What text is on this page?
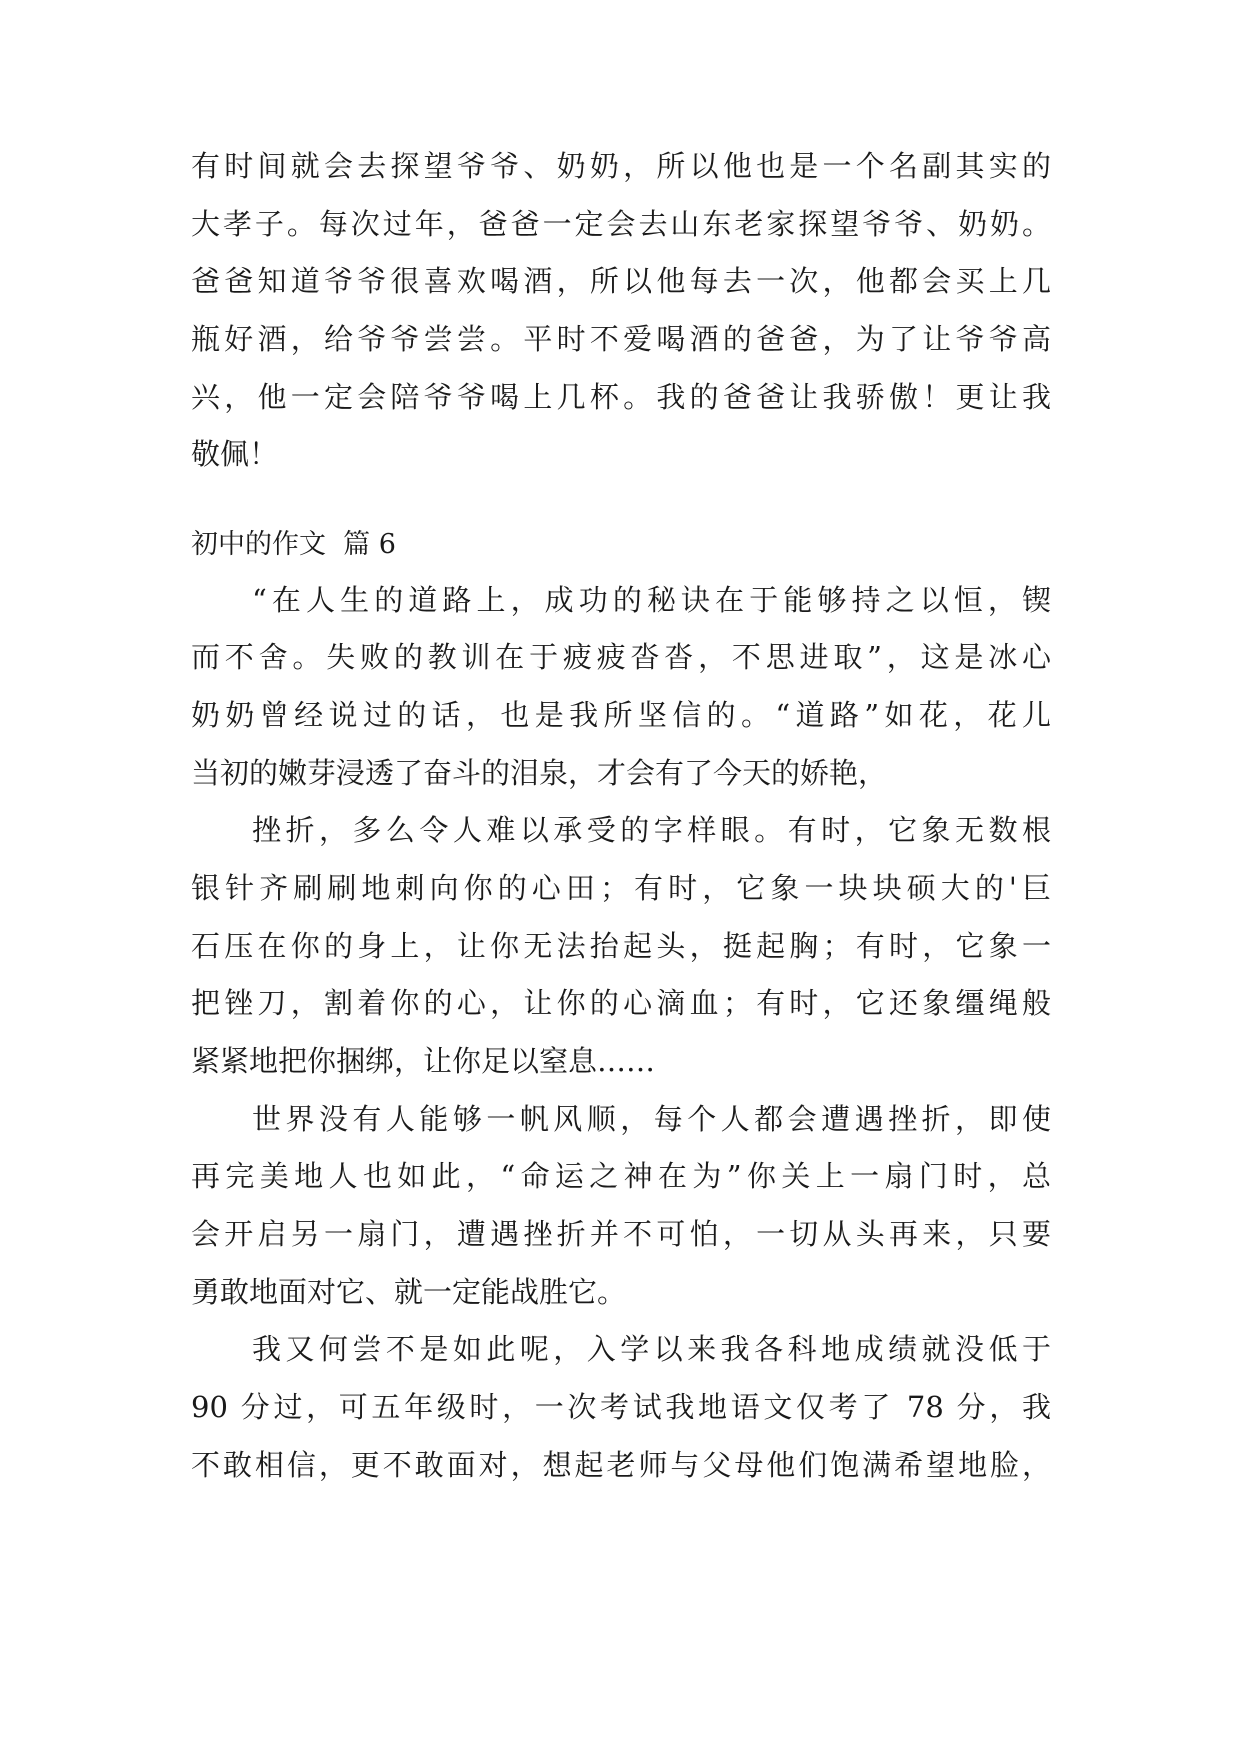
有时间就会去探望爷爷、奶奶，所以他也是一个名副其实的
大孝子。每次过年，爸爸一定会去山东老家探望爷爷、奶奶。
爸爸知道爷爷很喜欢喝酒，所以他每去一次，他都会买上几
瓶好酒，给爷爷尝尝。平时不爱喝酒的爸爸，为了让爷爷高
兴，他一定会陪爷爷喝上几杯。我的爸爸让我骄傲！更让我
敬佩！
初中的作文  篇 6
“在人生的道路上，成功的秘诀在于能够持之以恒，锲
而不舍。失败的教训在于疲疲沓沓，不思进取”，这是冰心
奶奶曾经说过的话，也是我所坚信的。“道路”如花，花儿
当初的嫩芽浸透了奋斗的泪泉，才会有了今天的娇艳，
挫折，多么令人难以承受的字样眼。有时，它象无数根
银针齐刷刷地刺向你的心田；有时，它象一块块硕大的'巨
石压在你的身上，让你无法抬起头，挺起胸；有时，它象一
把锉刀，割着你的心，让你的心滴血；有时，它还象缰绳般
紧紧地把你捆绑，让你足以窒息……
世界没有人能够一帆风顺，每个人都会遭遇挫折，即使
再完美地人也如此，“命运之神在为”你关上一扇门时，总
会开启另一扇门，遭遇挫折并不可怕，一切从头再来，只要
勇敢地面对它、就一定能战胜它。
我又何尝不是如此呢，入学以来我各科地成绩就没低于
90 分过，可五年级时，一次考试我地语文仅考了 78 分，我
不敢相信，更不敢面对，想起老师与父母他们饱满希望地脸，
